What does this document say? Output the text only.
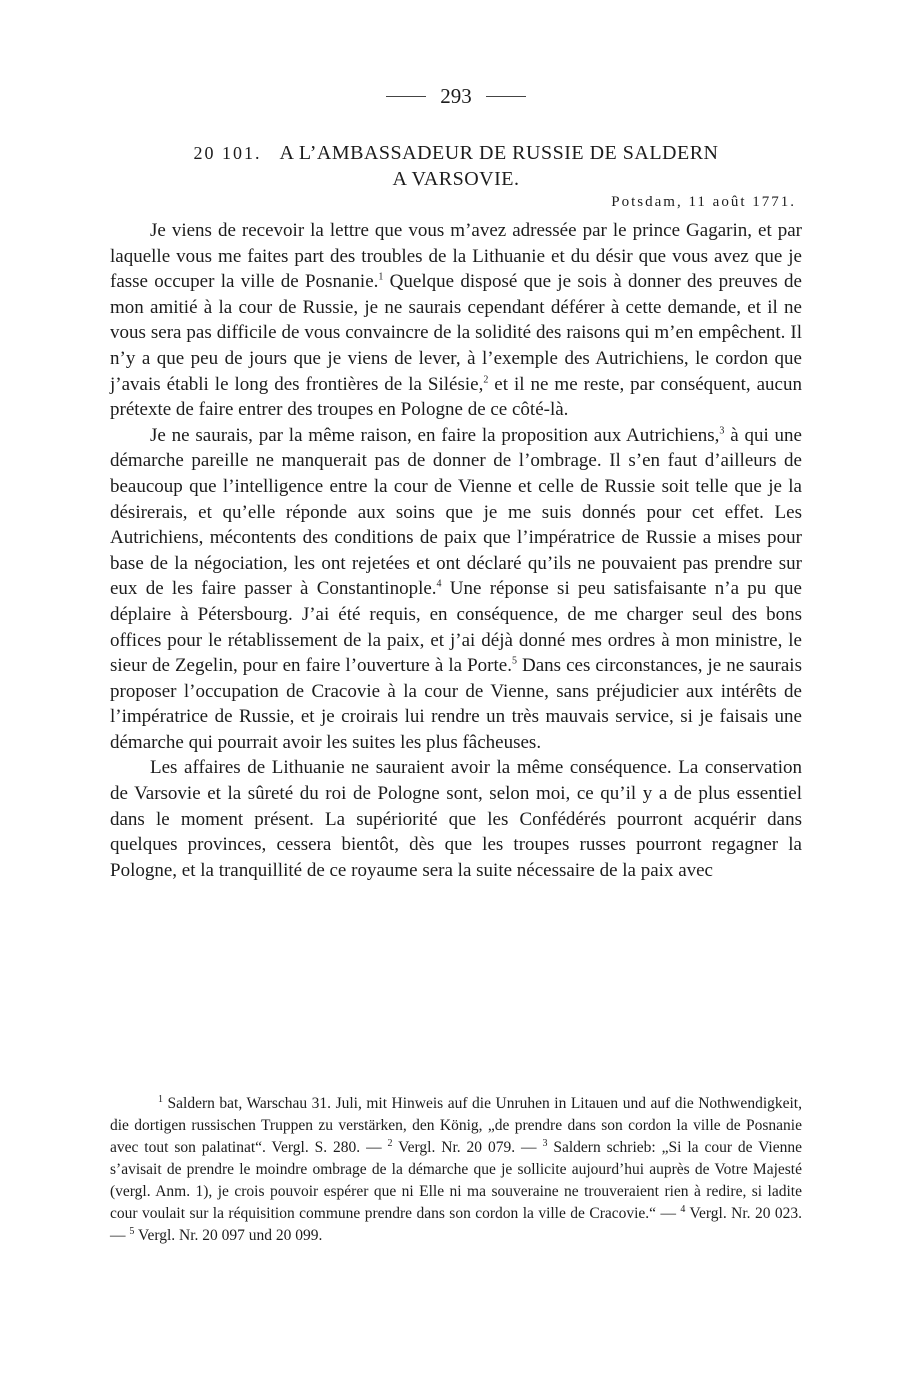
293
20 101. A L’AMBASSADEUR DE RUSSIE DE SALDERN
A VARSOVIE.
Potsdam, 11 août 1771.

Je viens de recevoir la lettre que vous m’avez adressée par le prince Gagarin, et par laquelle vous me faites part des troubles de la Lithuanie et du désir que vous avez que je fasse occuper la ville de Posnanie.$^1$ Quelque disposé que je sois à donner des preuves de mon amitié à la cour de Russie, je ne saurais cependant déférer à cette demande, et il ne vous sera pas difficile de vous convaincre de la solidité des raisons qui m’en empêchent. Il n’y a que peu de jours que je viens de lever, à l’exemple des Autrichiens, le cordon que j’avais établi le long des frontières de la Silésie,$^2$ et il ne me reste, par conséquent, aucun prétexte de faire entrer des troupes en Pologne de ce côté-là.

Je ne saurais, par la même raison, en faire la proposition aux Autrichiens,$^3$ à qui une démarche pareille ne manquerait pas de donner de l’ombrage. Il s’en faut d’ailleurs de beaucoup que l’intelligence entre la cour de Vienne et celle de Russie soit telle que je la désirerais, et qu’elle réponde aux soins que je me suis donnés pour cet effet. Les Autrichiens, mécontents des conditions de paix que l’impératrice de Russie a mises pour base de la négociation, les ont rejetées et ont déclaré qu’ils ne pouvaient pas prendre sur eux de les faire passer à Constantinople.$^4$ Une réponse si peu satisfaisante n’a pu que déplaire à Pétersbourg. J’ai été requis, en conséquence, de me charger seul des bons offices pour le rétablissement de la paix, et j’ai déjà donné mes ordres à mon ministre, le sieur de Zegelin, pour en faire l’ouverture à la Porte.$^5$ Dans ces circonstances, je ne saurais proposer l’occupation de Cracovie à la cour de Vienne, sans préjudicier aux intérêts de l’impératrice de Russie, et je croirais lui rendre un très mauvais service, si je faisais une démarche qui pourrait avoir les suites les plus fâcheuses.

Les affaires de Lithuanie ne sauraient avoir la même conséquence. La conservation de Varsovie et la sûreté du roi de Pologne sont, selon moi, ce qu’il y a de plus essentiel dans le moment présent. La supériorité que les Confédérés pourront acquérir dans quelques provinces, cessera bientôt, dès que les troupes russes pourront regagner la Pologne, et la tranquillité de ce royaume sera la suite nécessaire de la paix avec

$^1$ Saldern bat, Warschau 31. Juli, mit Hinweis auf die Unruhen in Litauen und auf die Nothwendigkeit, die dortigen russischen Truppen zu verstärken, den König, „de prendre dans son cordon la ville de Posnanie avec tout son palatinat“. Vergl. S. 280. — $^2$ Vergl. Nr. 20 079. — $^3$ Saldern schrieb: „Si la cour de Vienne s’avisait de prendre le moindre ombrage de la démarche que je sollicite aujourd’hui auprès de Votre Majesté (vergl. Anm. 1), je crois pouvoir espérer que ni Elle ni ma souveraine ne trouveraient rien à redire, si ladite cour voulait sur la réquisition commune prendre dans son cordon la ville de Cracovie.“ — $^4$ Vergl. Nr. 20 023. — $^5$ Vergl. Nr. 20 097 und 20 099.
